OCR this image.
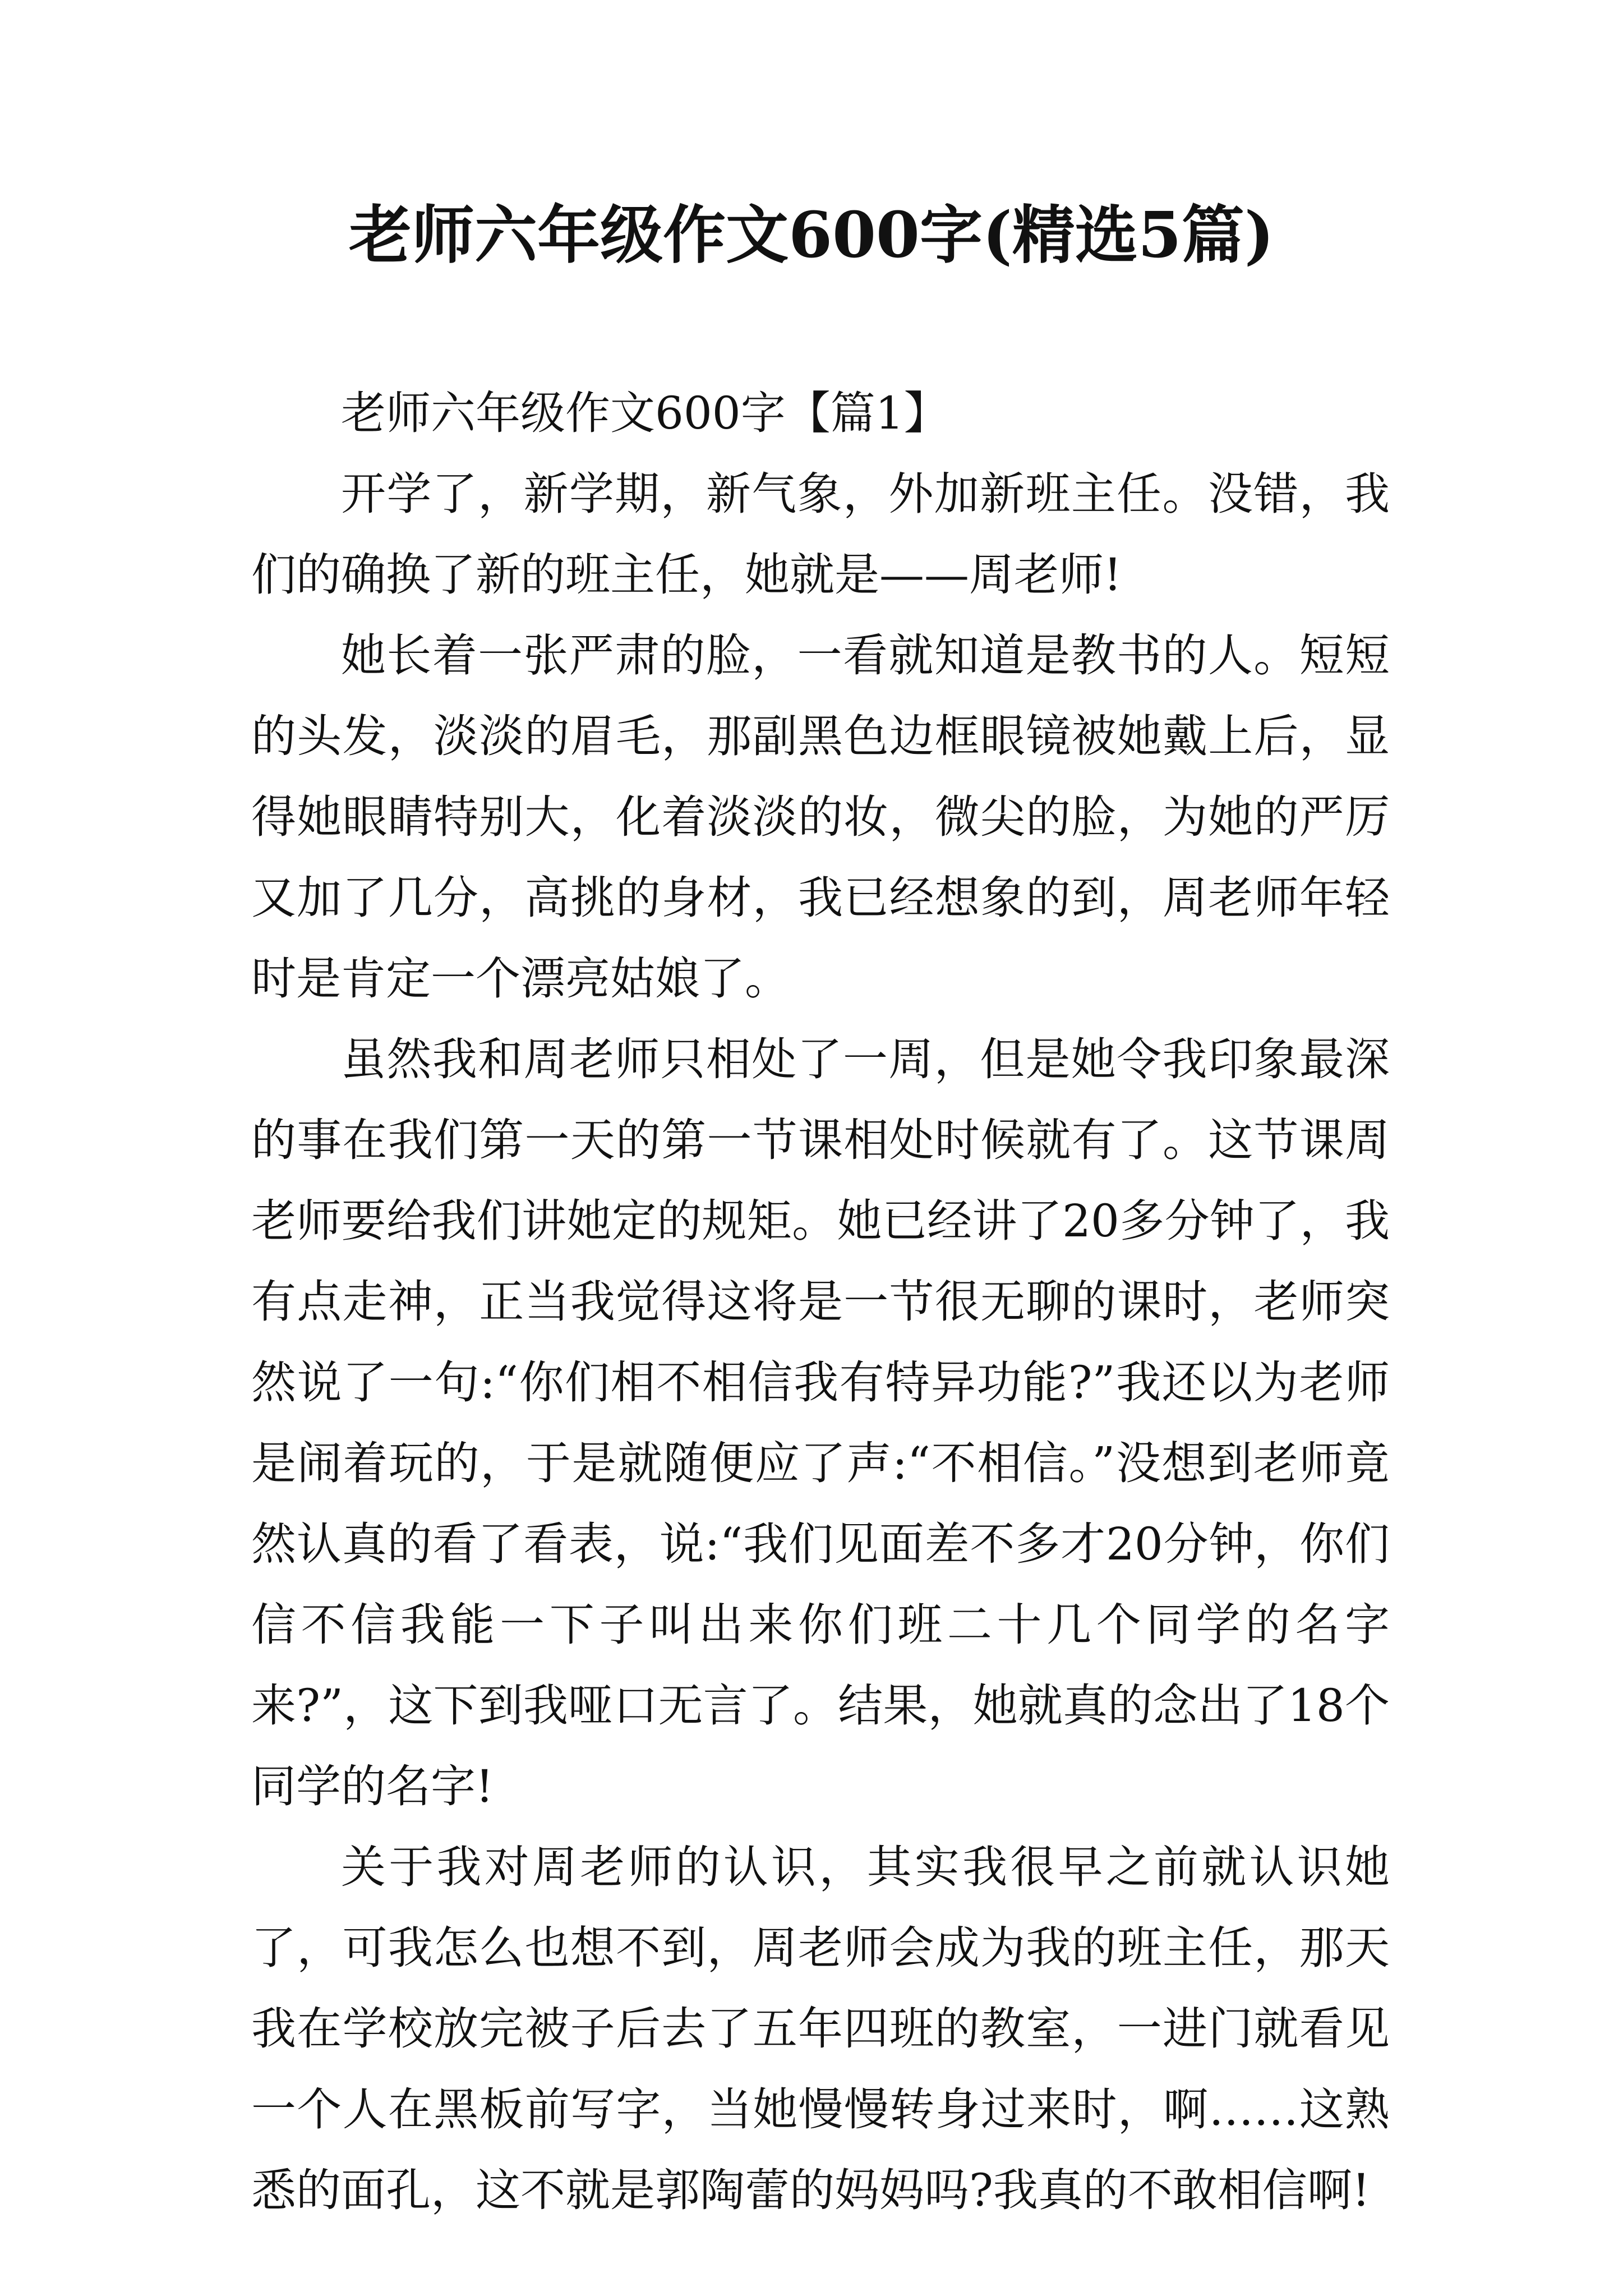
老师六年级作文600字(精选5篇)

老师六年级作文600字【篇1】

开学了，新学期，新气象，外加新班主任。没错，我们的确换了新的班主任，她就是——周老师!

她长着一张严肃的脸，一看就知道是教书的人。短短的头发，淡淡的眉毛，那副黑色边框眼镜被她戴上后，显得她眼睛特别大，化着淡淡的妆，微尖的脸，为她的严厉又加了几分，高挑的身材，我已经想象的到，周老师年轻时是肯定一个漂亮姑娘了。

虽然我和周老师只相处了一周，但是她令我印象最深的事在我们第一天的第一节课相处时候就有了。这节课周老师要给我们讲她定的规矩。她已经讲了20多分钟了，我有点走神，正当我觉得这将是一节很无聊的课时，老师突然说了一句:“你们相不相信我有特异功能?”我还以为老师是闹着玩的，于是就随便应了声:“不相信。”没想到老师竟然认真的看了看表，说:“我们见面差不多才20分钟，你们信不信我能一下子叫出来你们班二十几个同学的名字来?”，这下到我哑口无言了。结果，她就真的念出了18个同学的名字!

关于我对周老师的认识，其实我很早之前就认识她了，可我怎么也想不到，周老师会成为我的班主任，那天我在学校放完被子后去了五年四班的教室，一进门就看见一个人在黑板前写字，当她慢慢转身过来时，啊……这熟悉的面孔，这不就是郭陶蕾的妈妈吗?我真的不敢相信啊!
